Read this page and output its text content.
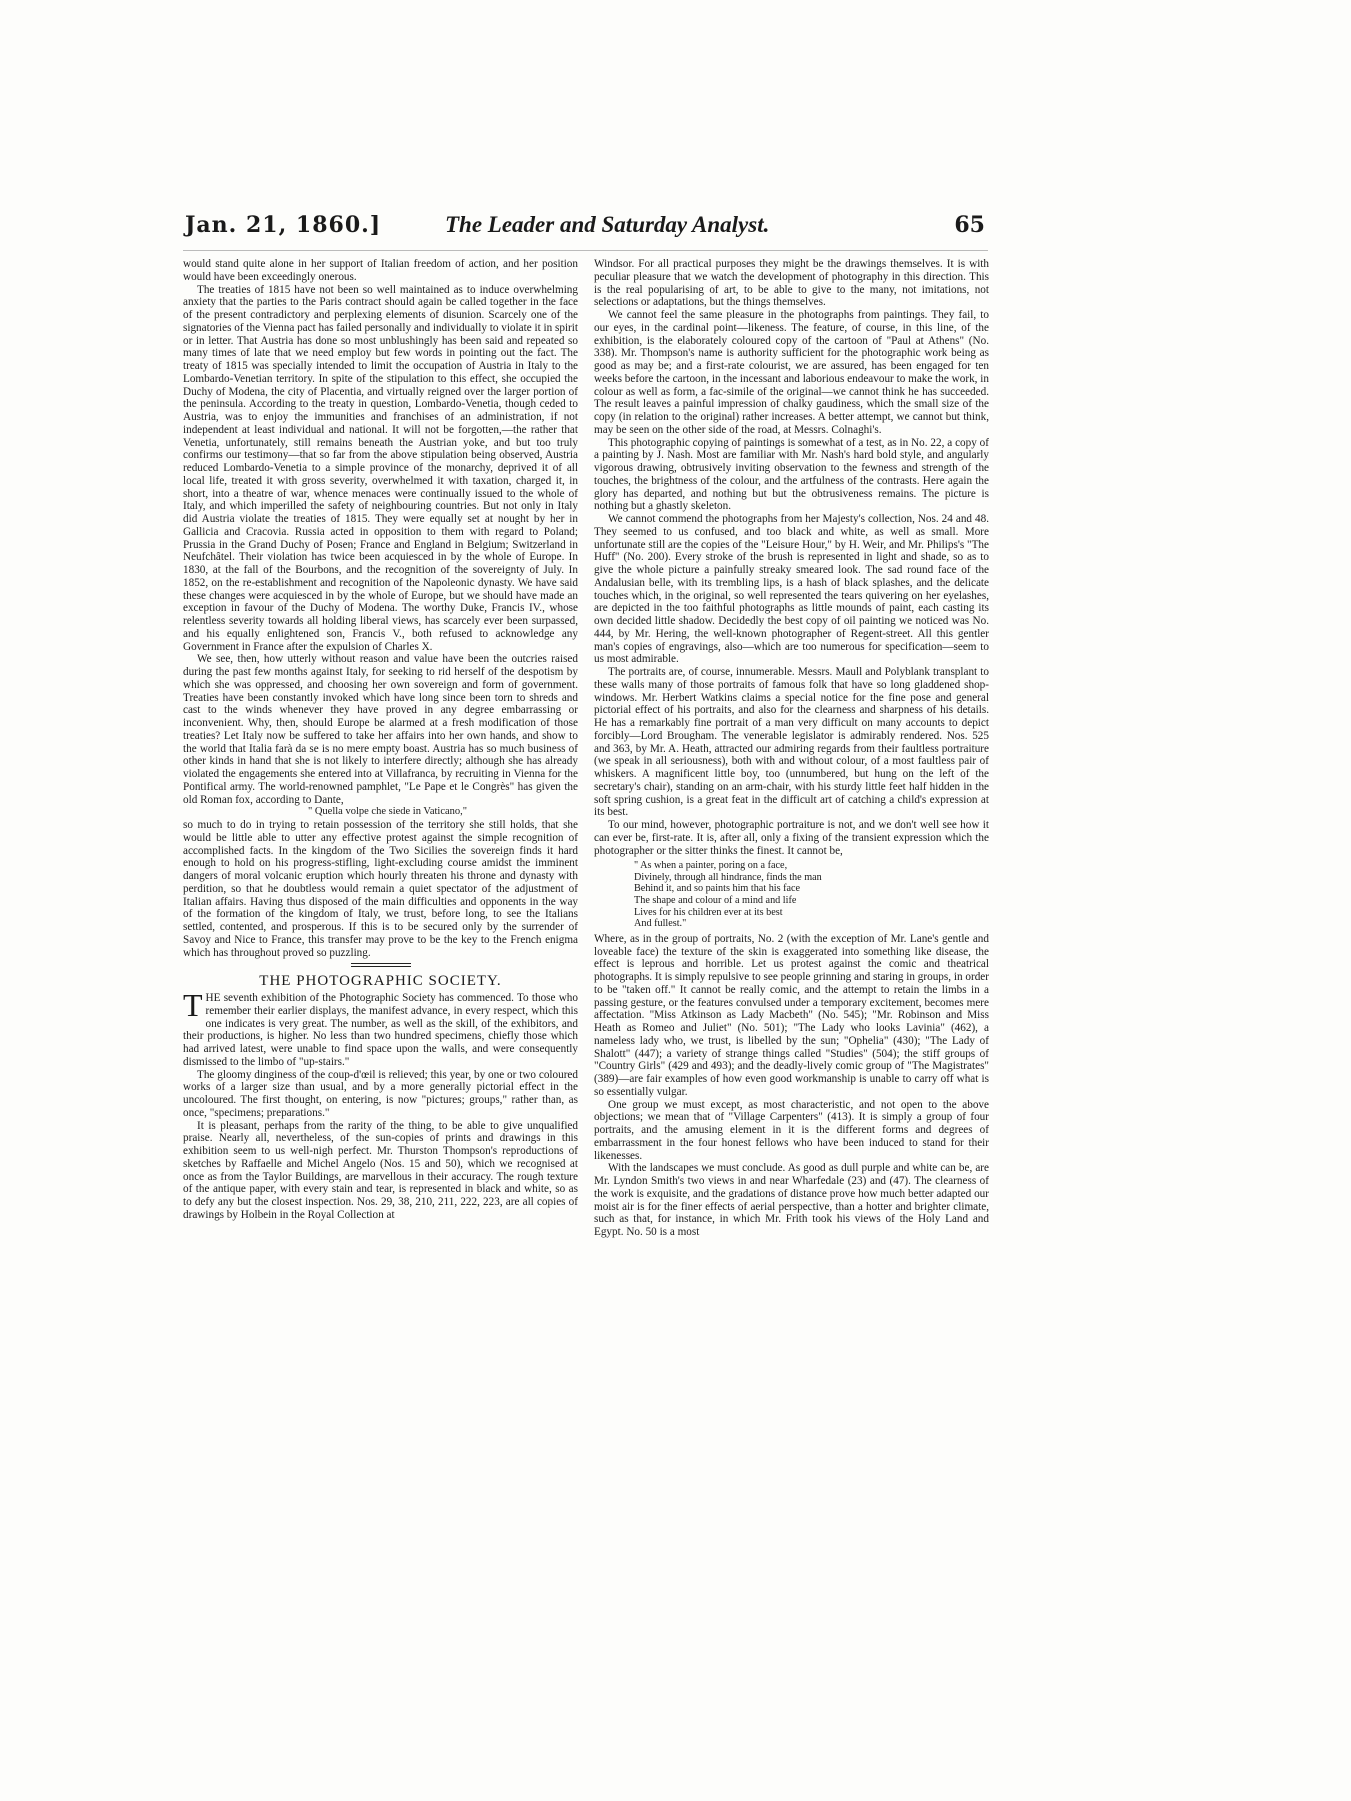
Jan. 21, 1860.]	The Leader and Saturday Analyst.	65

would stand quite alone in her support of Italian freedom of action, and her position would have been exceedingly onerous.

The treaties of 1815 have not been so well maintained as to induce overwhelming anxiety that the parties to the Paris contract should again be called together in the face of the present contradictory and perplexing elements of disunion. Scarcely one of the signatories of the Vienna pact has failed personally and individually to violate it in spirit or in letter. That Austria has done so most unblushingly has been said and repeated so many times of late that we need employ but few words in pointing out the fact. The treaty of 1815 was specially intended to limit the occupation of Austria in Italy to the Lombardo-Venetian territory. In spite of the stipulation to this effect, she occupied the Duchy of Modena, the city of Placentia, and virtually reigned over the larger portion of the peninsula. According to the treaty in question, Lombardo-Venetia, though ceded to Austria, was to enjoy the immunities and franchises of an administration, if not independent at least individual and national. It will not be forgotten,—the rather that Venetia, unfortunately, still remains beneath the Austrian yoke, and but too truly confirms our testimony—that so far from the above stipulation being observed, Austria reduced Lombardo-Venetia to a simple province of the monarchy, deprived it of all local life, treated it with gross severity, overwhelmed it with taxation, charged it, in short, into a theatre of war, whence menaces were continually issued to the whole of Italy, and which imperilled the safety of neighbouring countries. But not only in Italy did Austria violate the treaties of 1815. They were equally set at nought by her in Gallicia and Cracovia. Russia acted in opposition to them with regard to Poland; Prussia in the Grand Duchy of Posen; France and England in Belgium; Switzerland in Neufchâtel. Their violation has twice been acquiesced in by the whole of Europe. In 1830, at the fall of the Bourbons, and the recognition of the sovereignty of July. In 1852, on the re-establishment and recognition of the Napoleonic dynasty. We have said these changes were acquiesced in by the whole of Europe, but we should have made an exception in favour of the Duchy of Modena. The worthy Duke, Francis IV., whose relentless severity towards all holding liberal views, has scarcely ever been surpassed, and his equally enlightened son, Francis V., both refused to acknowledge any Government in France after the expulsion of Charles X.

We see, then, how utterly without reason and value have been the outcries raised during the past few months against Italy, for seeking to rid herself of the despotism by which she was oppressed, and choosing her own sovereign and form of government. Treaties have been constantly invoked which have long since been torn to shreds and cast to the winds whenever they have proved in any degree embarrassing or inconvenient. Why, then, should Europe be alarmed at a fresh modification of those treaties? Let Italy now be suffered to take her affairs into her own hands, and show to the world that Italia farà da se is no mere empty boast. Austria has so much business of other kinds in hand that she is not likely to interfere directly; although she has already violated the engagements she entered into at Villafranca, by recruiting in Vienna for the Pontifical army. The world-renowned pamphlet, "Le Pape et le Congrès" has given the old Roman fox, according to Dante,

" Quella volpe che siede in Vaticano,"

so much to do in trying to retain possession of the territory she still holds, that she would be little able to utter any effective protest against the simple recognition of accomplished facts. In the kingdom of the Two Sicilies the sovereign finds it hard enough to hold on his progress-stifling, light-excluding course amidst the imminent dangers of moral volcanic eruption which hourly threaten his throne and dynasty with perdition, so that he doubtless would remain a quiet spectator of the adjustment of Italian affairs. Having thus disposed of the main difficulties and opponents in the way of the formation of the kingdom of Italy, we trust, before long, to see the Italians settled, contented, and prosperous. If this is to be secured only by the surrender of Savoy and Nice to France, this transfer may prove to be the key to the French enigma which has throughout proved so puzzling.

THE PHOTOGRAPHIC SOCIETY.

THE seventh exhibition of the Photographic Society has commenced. To those who remember their earlier displays, the manifest advance, in every respect, which this one indicates is very great. The number, as well as the skill, of the exhibitors, and their productions, is higher. No less than two hundred specimens, chiefly those which had arrived latest, were unable to find space upon the walls, and were consequently dismissed to the limbo of "up-stairs."

The gloomy dinginess of the coup-d'œil is relieved; this year, by one or two coloured works of a larger size than usual, and by a more generally pictorial effect in the uncoloured. The first thought, on entering, is now "pictures; groups," rather than, as once, "specimens; preparations."

It is pleasant, perhaps from the rarity of the thing, to be able to give unqualified praise. Nearly all, nevertheless, of the sun-copies of prints and drawings in this exhibition seem to us well-nigh perfect. Mr. Thurston Thompson's reproductions of sketches by Raffaelle and Michel Angelo (Nos. 15 and 50), which we recognised at once as from the Taylor Buildings, are marvellous in their accuracy. The rough texture of the antique paper, with every stain and tear, is represented in black and white, so as to defy any but the closest inspection. Nos. 29, 38, 210, 211, 222, 223, are all copies of drawings by Holbein in the Royal Collection at

Windsor. For all practical purposes they might be the drawings themselves. It is with peculiar pleasure that we watch the development of photography in this direction. This is the real popularising of art, to be able to give to the many, not imitations, not selections or adaptations, but the things themselves.

We cannot feel the same pleasure in the photographs from paintings. They fail, to our eyes, in the cardinal point—likeness. The feature, of course, in this line, of the exhibition, is the elaborately coloured copy of the cartoon of "Paul at Athens" (No. 338). Mr. Thompson's name is authority sufficient for the photographic work being as good as may be; and a first-rate colourist, we are assured, has been engaged for ten weeks before the cartoon, in the incessant and laborious endeavour to make the work, in colour as well as form, a fac-simile of the original—we cannot think he has succeeded. The result leaves a painful impression of chalky gaudiness, which the small size of the copy (in relation to the original) rather increases. A better attempt, we cannot but think, may be seen on the other side of the road, at Messrs. Colnaghi's.

This photographic copying of paintings is somewhat of a test, as in No. 22, a copy of a painting by J. Nash. Most are familiar with Mr. Nash's hard bold style, and angularly vigorous drawing, obtrusively inviting observation to the fewness and strength of the touches, the brightness of the colour, and the artfulness of the contrasts. Here again the glory has departed, and nothing but but the obtrusiveness remains. The picture is nothing but a ghastly skeleton.

We cannot commend the photographs from her Majesty's collection, Nos. 24 and 48. They seemed to us confused, and too black and white, as well as small. More unfortunate still are the copies of the "Leisure Hour," by H. Weir, and Mr. Philips's "The Huff" (No. 200). Every stroke of the brush is represented in light and shade, so as to give the whole picture a painfully streaky smeared look. The sad round face of the Andalusian belle, with its trembling lips, is a hash of black splashes, and the delicate touches which, in the original, so well represented the tears quivering on her eyelashes, are depicted in the too faithful photographs as little mounds of paint, each casting its own decided little shadow. Decidedly the best copy of oil painting we noticed was No. 444, by Mr. Hering, the well-known photographer of Regent-street. All this gentler man's copies of engravings, also—which are too numerous for specification—seem to us most admirable.

The portraits are, of course, innumerable. Messrs. Maull and Polyblank transplant to these walls many of those portraits of famous folk that have so long gladdened shop-windows. Mr. Herbert Watkins claims a special notice for the fine pose and general pictorial effect of his portraits, and also for the clearness and sharpness of his details. He has a remarkably fine portrait of a man very difficult on many accounts to depict forcibly—Lord Brougham. The venerable legislator is admirably rendered. Nos. 525 and 363, by Mr. A. Heath, attracted our admiring regards from their faultless portraiture (we speak in all seriousness), both with and without colour, of a most faultless pair of whiskers. A magnificent little boy, too (unnumbered, but hung on the left of the secretary's chair), standing on an arm-chair, with his sturdy little feet half hidden in the soft spring cushion, is a great feat in the difficult art of catching a child's expression at its best.

To our mind, however, photographic portraiture is not, and we don't well see how it can ever be, first-rate. It is, after all, only a fixing of the transient expression which the photographer or the sitter thinks the finest. It cannot be,

" As when a painter, poring on a face,
Divinely, through all hindrance, finds the man
Behind it, and so paints him that his face
The shape and colour of a mind and life
Lives for his children ever at its best
And fullest."

Where, as in the group of portraits, No. 2 (with the exception of Mr. Lane's gentle and loveable face) the texture of the skin is exaggerated into something like disease, the effect is leprous and horrible. Let us protest against the comic and theatrical photographs. It is simply repulsive to see people grinning and staring in groups, in order to be "taken off." It cannot be really comic, and the attempt to retain the limbs in a passing gesture, or the features convulsed under a temporary excitement, becomes mere affectation. "Miss Atkinson as Lady Macbeth" (No. 545); "Mr. Robinson and Miss Heath as Romeo and Juliet" (No. 501); "The Lady who looks Lavinia" (462), a nameless lady who, we trust, is libelled by the sun; "Ophelia" (430); "The Lady of Shalott" (447); a variety of strange things called "Studies" (504); the stiff groups of "Country Girls" (429 and 493); and the deadly-lively comic group of "The Magistrates" (389)—are fair examples of how even good workmanship is unable to carry off what is so essentially vulgar.

One group we must except, as most characteristic, and not open to the above objections; we mean that of "Village Carpenters" (413). It is simply a group of four portraits, and the amusing element in it is the different forms and degrees of embarrassment in the four honest fellows who have been induced to stand for their likenesses.

With the landscapes we must conclude. As good as dull purple and white can be, are Mr. Lyndon Smith's two views in and near Wharfedale (23) and (47). The clearness of the work is exquisite, and the gradations of distance prove how much better adapted our moist air is for the finer effects of aerial perspective, than a hotter and brighter climate, such as that, for instance, in which Mr. Frith took his views of the Holy Land and Egypt. No. 50 is a most
